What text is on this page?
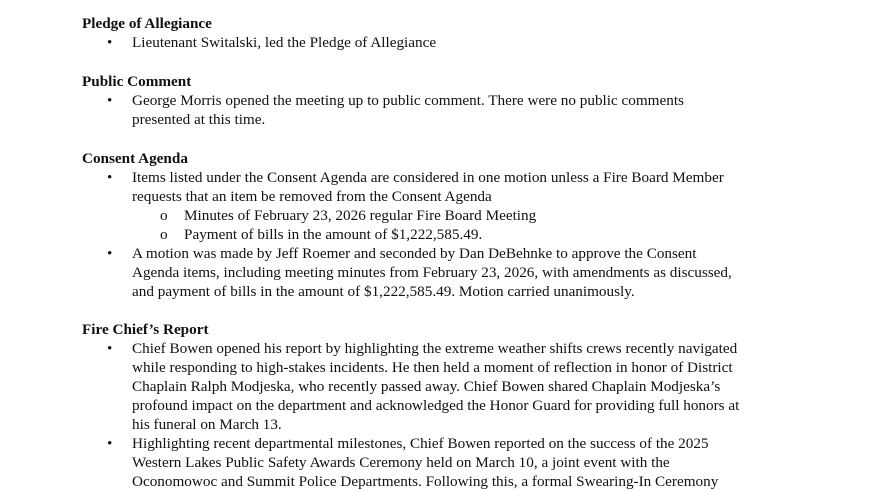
Pledge of Allegiance

•	Lieutenant Switalski, led the Pledge of Allegiance

Public Comment

•	George Morris opened the meeting up to public comment. There were no public comments
presented at this time.

Consent Agenda

•	Items listed under the Consent Agenda are considered in one motion unless a Fire Board Member
requests that an item be removed from the Consent Agenda
o	Minutes of February 23, 2026 regular Fire Board Meeting
o	Payment of bills in the amount of $1,222,585.49.
•	A motion was made by Jeff Roemer and seconded by Dan DeBehnke to approve the Consent
Agenda items, including meeting minutes from February 23, 2026, with amendments as discussed,
and payment of bills in the amount of $1,222,585.49. Motion carried unanimously.

Fire Chief’s Report

•	Chief Bowen opened his report by highlighting the extreme weather shifts crews recently navigated
while responding to high-stakes incidents. He then held a moment of reflection in honor of District
Chaplain Ralph Modjeska, who recently passed away. Chief Bowen shared Chaplain Modjeska’s
profound impact on the department and acknowledged the Honor Guard for providing full honors at
his funeral on March 13.
•	Highlighting recent departmental milestones, Chief Bowen reported on the success of the 2025
Western Lakes Public Safety Awards Ceremony held on March 10, a joint event with the
Oconomowoc and Summit Police Departments. Following this, a formal Swearing-In Ceremony
